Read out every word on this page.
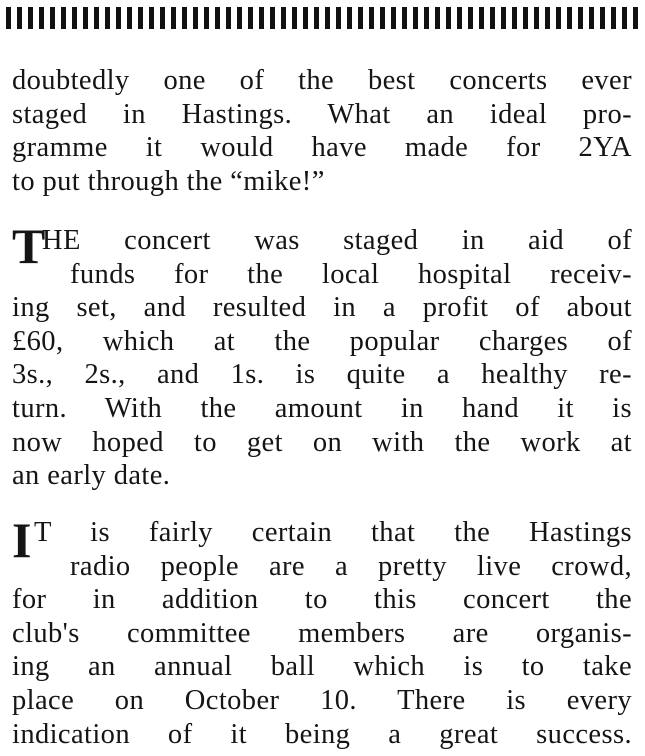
doubtedly one of the best concerts ever
staged in Hastings. What an ideal pro-
gramme it would have made for 2YA
to put through the “mike!”
T
HE concert was staged in aid of
funds for the local hospital receiv-
ing set, and resulted in a profit of about
£60, which at the popular charges of
3s., 2s., and 1s. is quite a healthy re-
turn. With the amount in hand it is
now hoped to get on with the work at
an early date.
I T is fairly certain that the Hastings
radio people are a pretty live crowd,
for in addition to this concert the
club's committee members are organis-
ing an annual ball which is to take
place on October 10. There is every
indication of it being a great success.
